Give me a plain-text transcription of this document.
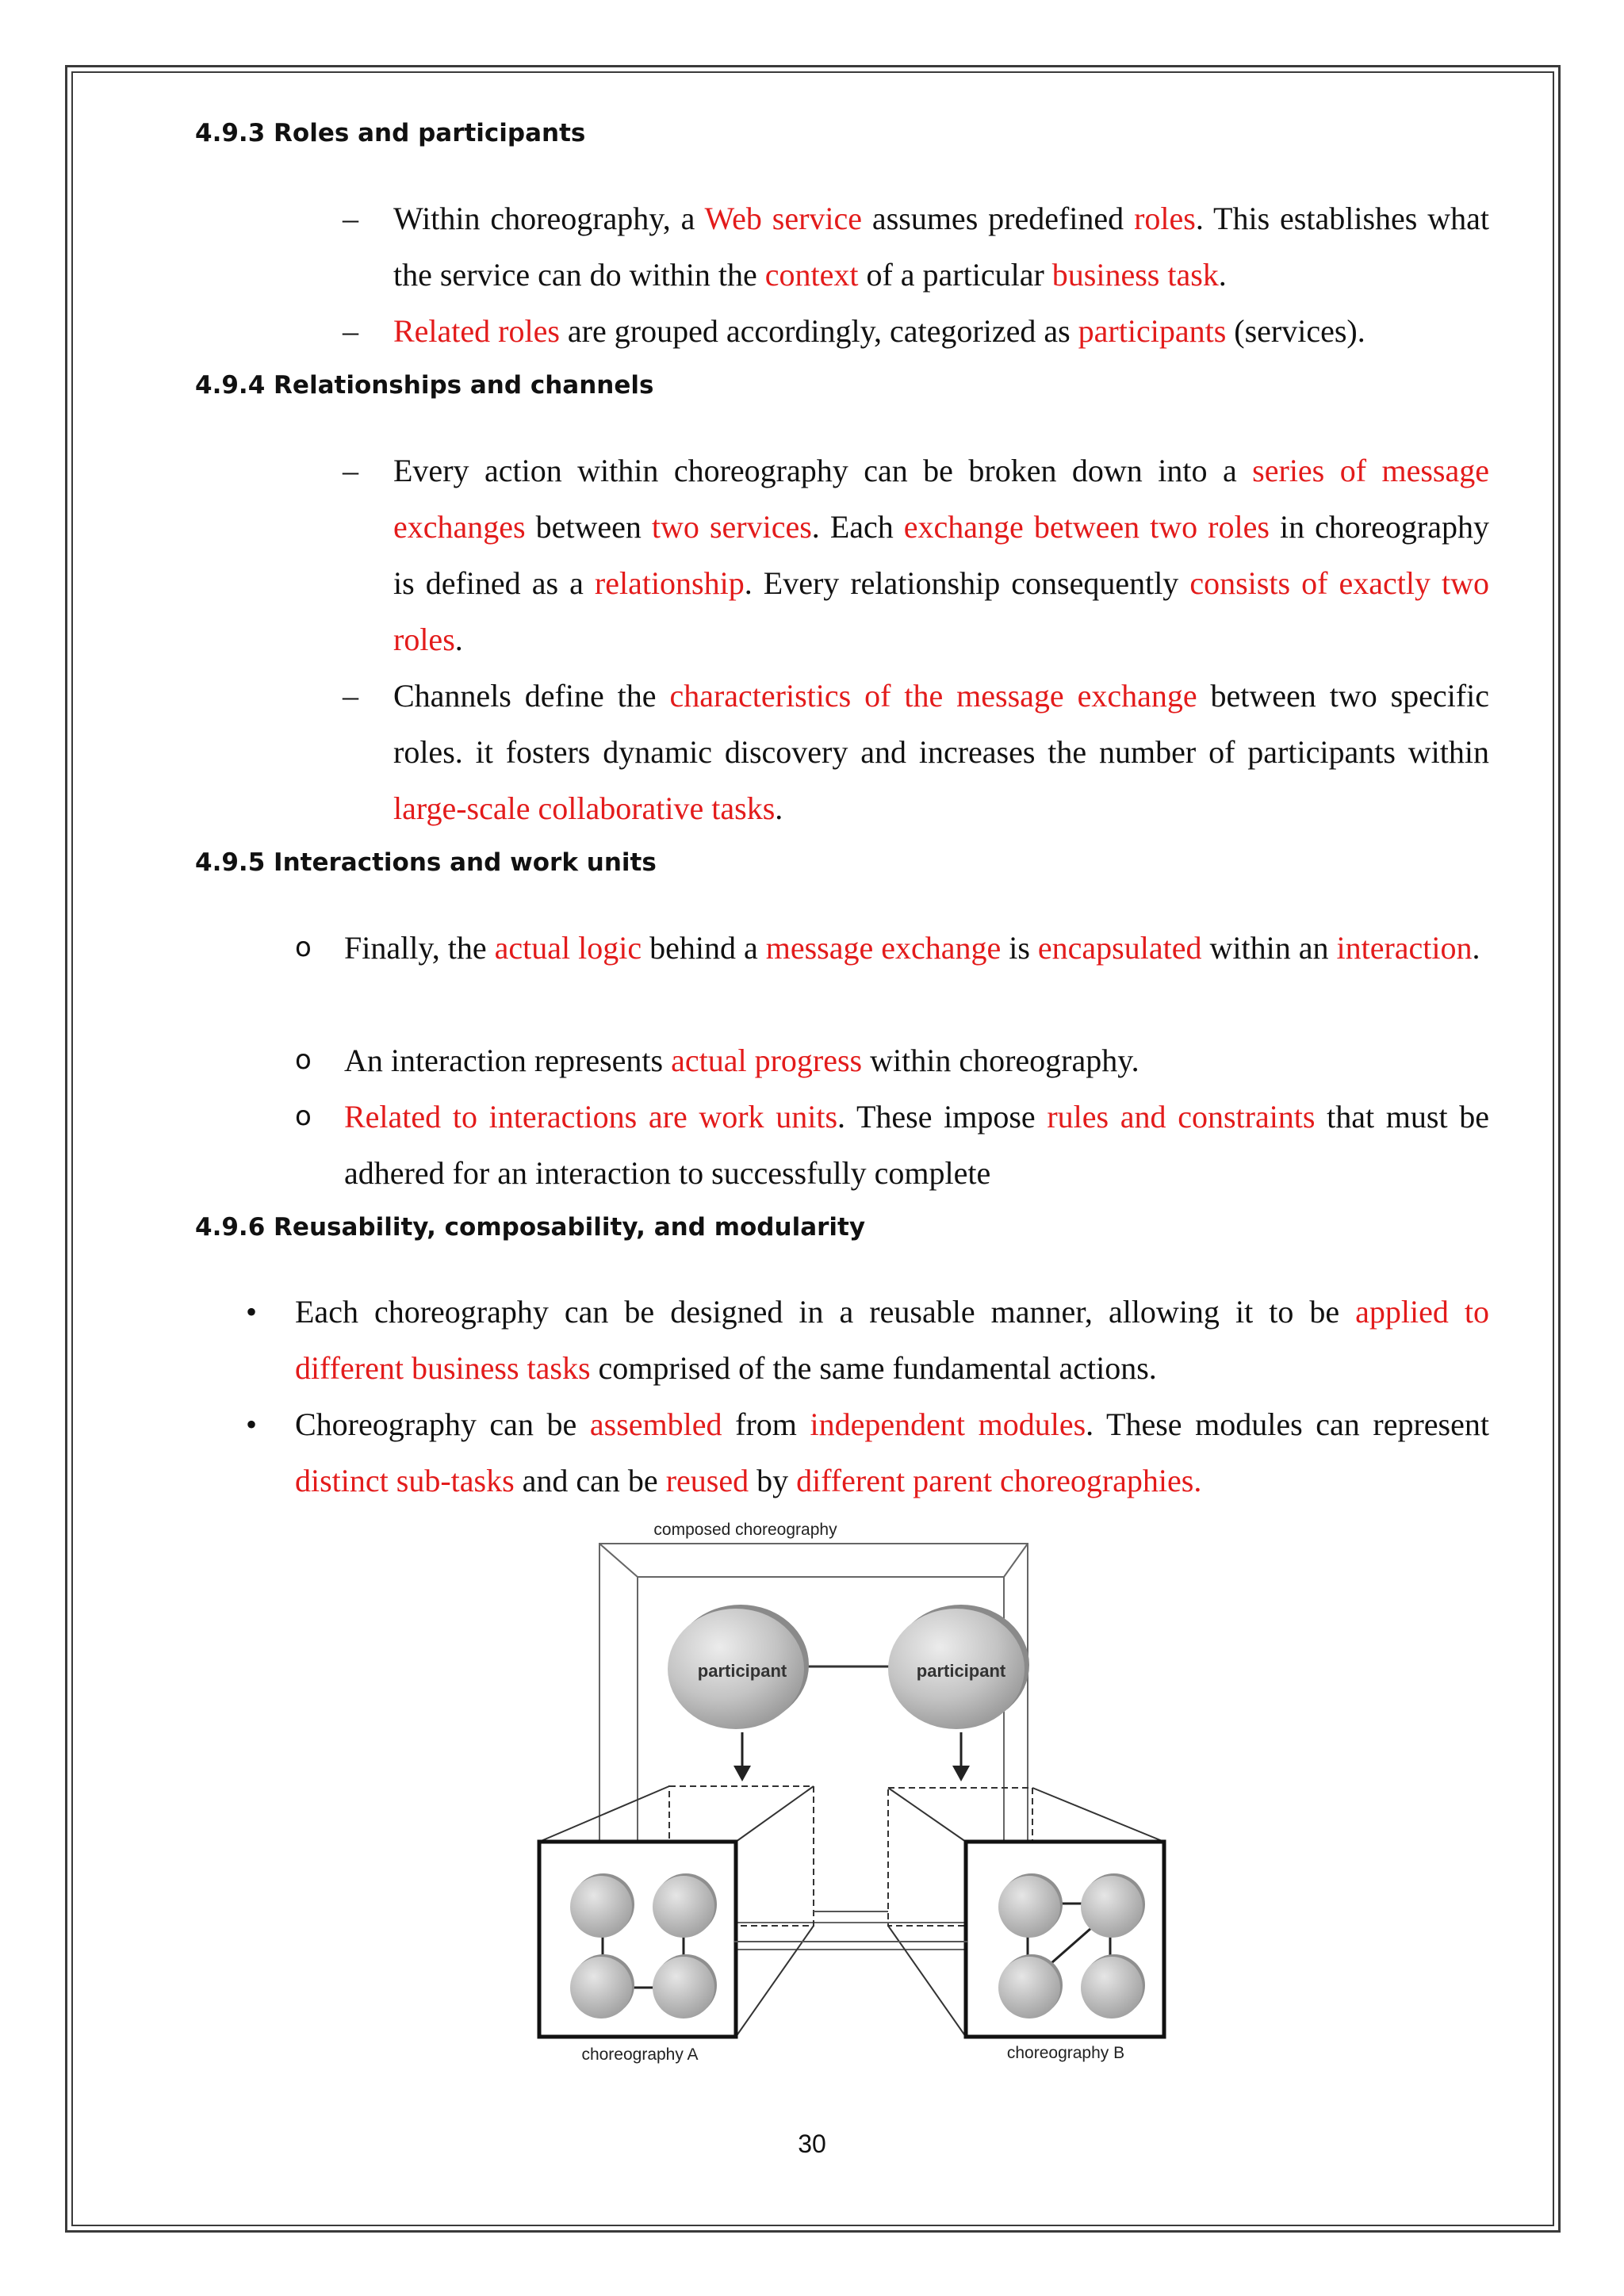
4.9.3 Roles and participants
– Within choreography, a Web service assumes predefined roles. This establishes what the service can do within the context of a particular business task.
– Related roles are grouped accordingly, categorized as participants (services).
4.9.4 Relationships and channels
– Every action within choreography can be broken down into a series of message exchanges between two services. Each exchange between two roles in choreography is defined as a relationship. Every relationship consequently consists of exactly two roles.
– Channels define the characteristics of the message exchange between two specific roles. it fosters dynamic discovery and increases the number of participants within large-scale collaborative tasks.
4.9.5 Interactions and work units
o Finally, the actual logic behind a message exchange is encapsulated within an interaction.
o An interaction represents actual progress within choreography.
o Related to interactions are work units. These impose rules and constraints that must be adhered for an interaction to successfully complete
4.9.6 Reusability, composability, and modularity
• Each choreography can be designed in a reusable manner, allowing it to be applied to different business tasks comprised of the same fundamental actions.
• Choreography can be assembled from independent modules. These modules can represent distinct sub-tasks and can be reused by different parent choreographies.
composed choreography
participant	participant
choreography A	choreography B
30
